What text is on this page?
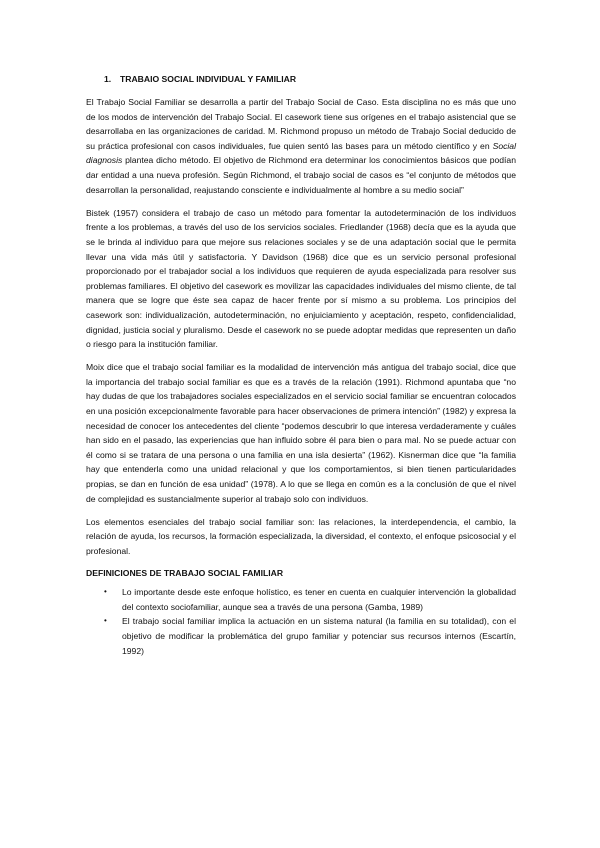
1. TRABAIO SOCIAL INDIVIDUAL Y FAMILIAR

El Trabajo Social Familiar se desarrolla a partir del Trabajo Social de Caso. Esta disciplina no es más que uno de los modos de intervención del Trabajo Social. El casework tiene sus orígenes en el trabajo asistencial que se desarrollaba en las organizaciones de caridad. M. Richmond propuso un método de Trabajo Social deducido de su práctica profesional con casos individuales, fue quien sentó las bases para un método científico y en Social diagnosis plantea dicho método. El objetivo de Richmond era determinar los conocimientos básicos que podían dar entidad a una nueva profesión. Según Richmond, el trabajo social de casos es “el conjunto de métodos que desarrollan la personalidad, reajustando consciente e individualmente al hombre a su medio social”

Bistek (1957) considera el trabajo de caso un método para fomentar la autodeterminación de los individuos frente a los problemas, a través del uso de los servicios sociales. Friedlander (1968) decía que es la ayuda que se le brinda al individuo para que mejore sus relaciones sociales y se de una adaptación social que le permita llevar una vida más útil y satisfactoria. Y Davidson (1968) dice que es un servicio personal profesional proporcionado por el trabajador social a los individuos que requieren de ayuda especializada para resolver sus problemas familiares. El objetivo del casework es movilizar las capacidades individuales del mismo cliente, de tal manera que se logre que éste sea capaz de hacer frente por sí mismo a su problema. Los principios del casework son: individualización, autodeterminación, no enjuiciamiento y aceptación, respeto, confidencialidad, dignidad, justicia social y pluralismo. Desde el casework no se puede adoptar medidas que representen un daño o riesgo para la institución familiar.

Moix dice que el trabajo social familiar es la modalidad de intervención más antigua del trabajo social, dice que la importancia del trabajo social familiar es que es a través de la relación (1991). Richmond apuntaba que “no hay dudas de que los trabajadores sociales especializados en el servicio social familiar se encuentran colocados en una posición excepcionalmente favorable para hacer observaciones de primera intención” (1982) y expresa la necesidad de conocer los antecedentes del cliente “podemos descubrir lo que interesa verdaderamente y cuáles han sido en el pasado, las experiencias que han influido sobre él para bien o para mal. No se puede actuar con él como si se tratara de una persona o una familia en una isla desierta” (1962). Kisnerman dice que “la familia hay que entenderla como una unidad relacional y que los comportamientos, si bien tienen particularidades propias, se dan en función de esa unidad” (1978). A lo que se llega en común es a la conclusión de que el nivel de complejidad es sustancialmente superior al trabajo solo con individuos.

Los elementos esenciales del trabajo social familiar son: las relaciones, la interdependencia, el cambio, la relación de ayuda, los recursos, la formación especializada, la diversidad, el contexto, el enfoque psicosocial y el profesional.

DEFINICIONES DE TRABAJO SOCIAL FAMILIAR
• Lo importante desde este enfoque holístico, es tener en cuenta en cualquier intervención la globalidad del contexto sociofamiliar, aunque sea a través de una persona (Gamba, 1989)
• El trabajo social familiar implica la actuación en un sistema natural (la familia en su totalidad), con el objetivo de modificar la problemática del grupo familiar y potenciar sus recursos internos (Escartín, 1992)
